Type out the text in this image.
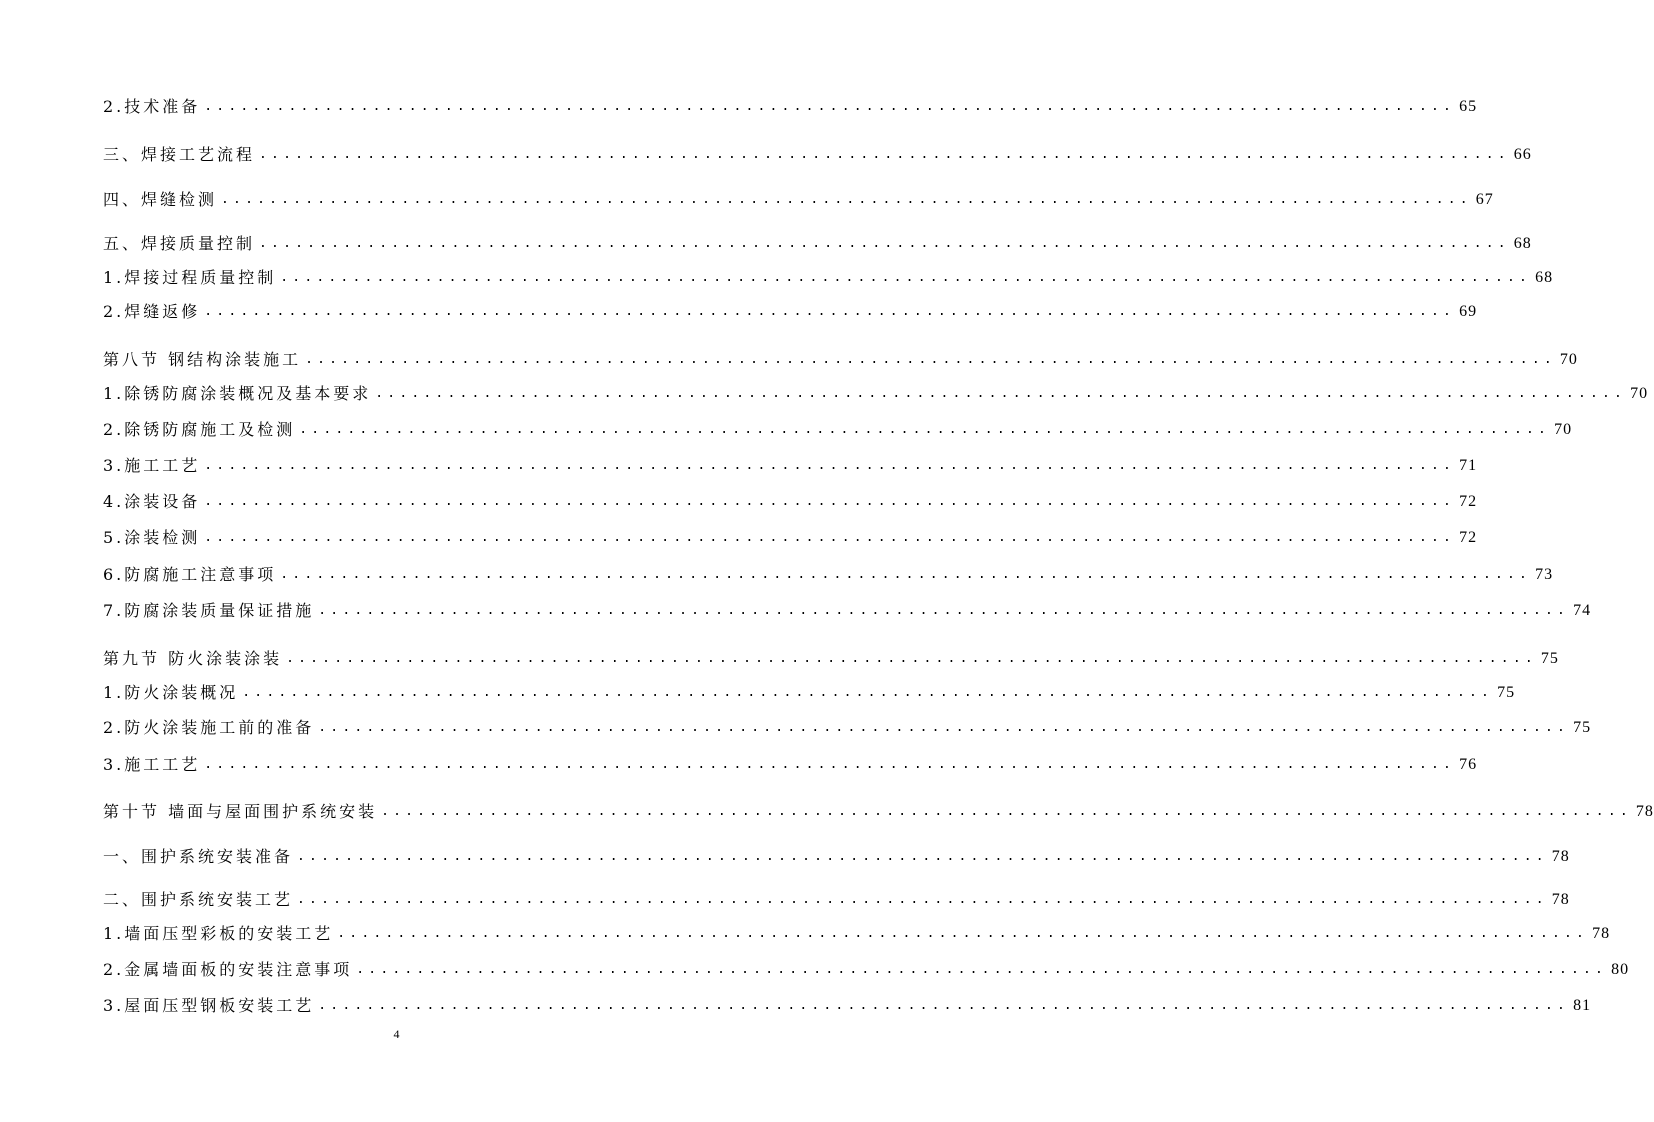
2.技术准备 ........................................................................................................ 65
三、焊接工艺流程 ........................................................................................................ 66
四、焊缝检测 ........................................................................................................ 67
五、焊接质量控制 ........................................................................................................ 68
1.焊接过程质量控制 ........................................................................................................ 68
2.焊缝返修 ........................................................................................................ 69
第八节 钢结构涂装施工 ........................................................................................................ 70
1.除锈防腐涂装概况及基本要求 ........................................................................................................ 70
2.除锈防腐施工及检测 ........................................................................................................ 70
3.施工工艺 ........................................................................................................ 71
4.涂装设备 ........................................................................................................ 72
5.涂装检测 ........................................................................................................ 72
6.防腐施工注意事项 ........................................................................................................ 73
7.防腐涂装质量保证措施 ........................................................................................................ 74
第九节 防火涂装涂装 ........................................................................................................ 75
1.防火涂装概况 ........................................................................................................ 75
2.防火涂装施工前的准备 ........................................................................................................ 75
3.施工工艺 ........................................................................................................ 76
第十节 墙面与屋面围护系统安装 ........................................................................................................ 78
一、围护系统安装准备 ........................................................................................................ 78
二、围护系统安装工艺 ........................................................................................................ 78
1.墙面压型彩板的安装工艺 ........................................................................................................ 78
2.金属墙面板的安装注意事项 ........................................................................................................ 80
3.屋面压型钢板安装工艺 ........................................................................................................ 81
4
